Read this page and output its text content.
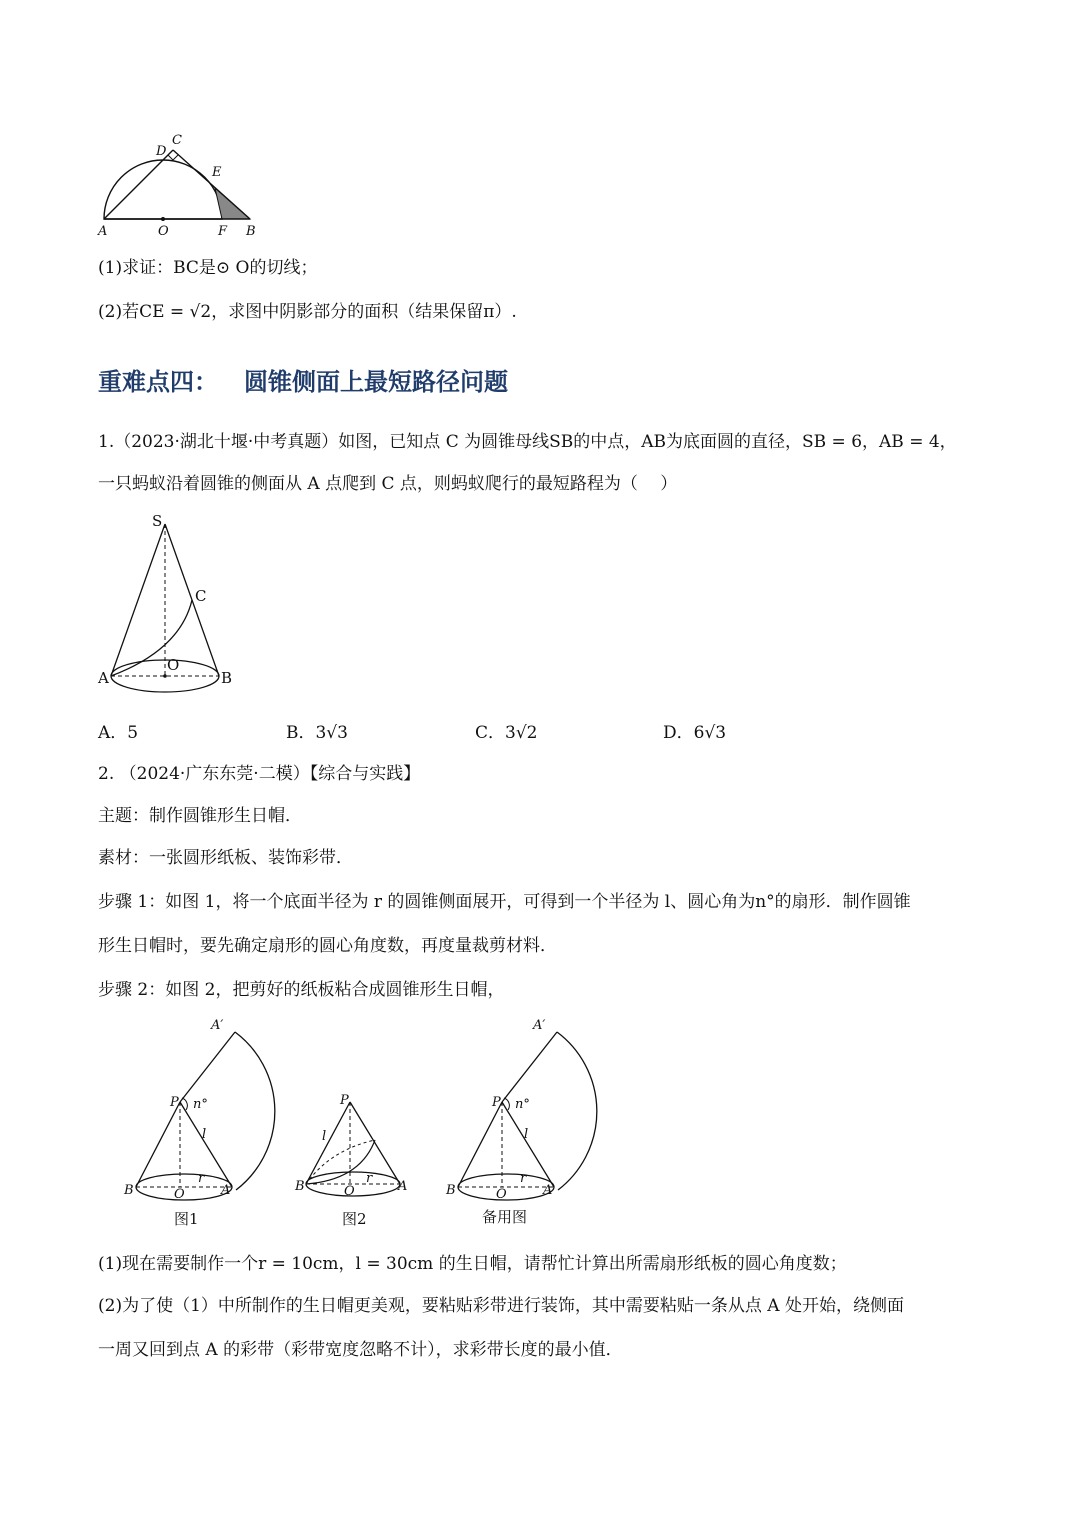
A	O	F B
C
D
E
(1)求证：BC是⊙ O的切线；
(2)若CE = √2，求图中阴影部分的面积（结果保留π）.
重难点四： 圆锥侧面上最短路径问题
1.（2023·湖北十堰·中考真题）如图，已知点 C 为圆锥母线SB的中点，AB为底面圆的直径，SB = 6，AB = 4，
一只蚂蚁沿着圆锥的侧面从 A 点爬到 C 点，则蚂蚁爬行的最短路程为（　 ）
S
C
O
A	B
A．5	B．3√3	C．3√2	D．6√3
2. （2024·广东东莞·二模）【综合与实践】
主题：制作圆锥形生日帽．
素材：一张圆形纸板、装饰彩带．
步骤 1：如图 1，将一个底面半径为 r 的圆锥侧面展开，可得到一个半径为 l、圆心角为n°的扇形．制作圆锥
形生日帽时，要先确定扇形的圆心角度数，再度量裁剪材料．
步骤 2：如图 2，把剪好的纸板粘合成圆锥形生日帽，
A′
P n°
l
r
B	O	A
图1
P
l
r
B	O	A
图2
A′
P n°
l
r
B	O	A
备用图
(1)现在需要制作一个r = 10cm，l = 30cm 的生日帽，请帮忙计算出所需扇形纸板的圆心角度数；
(2)为了使（1）中所制作的生日帽更美观，要粘贴彩带进行装饰，其中需要粘贴一条从点 A 处开始，绕侧面
一周又回到点 A 的彩带（彩带宽度忽略不计），求彩带长度的最小值．
